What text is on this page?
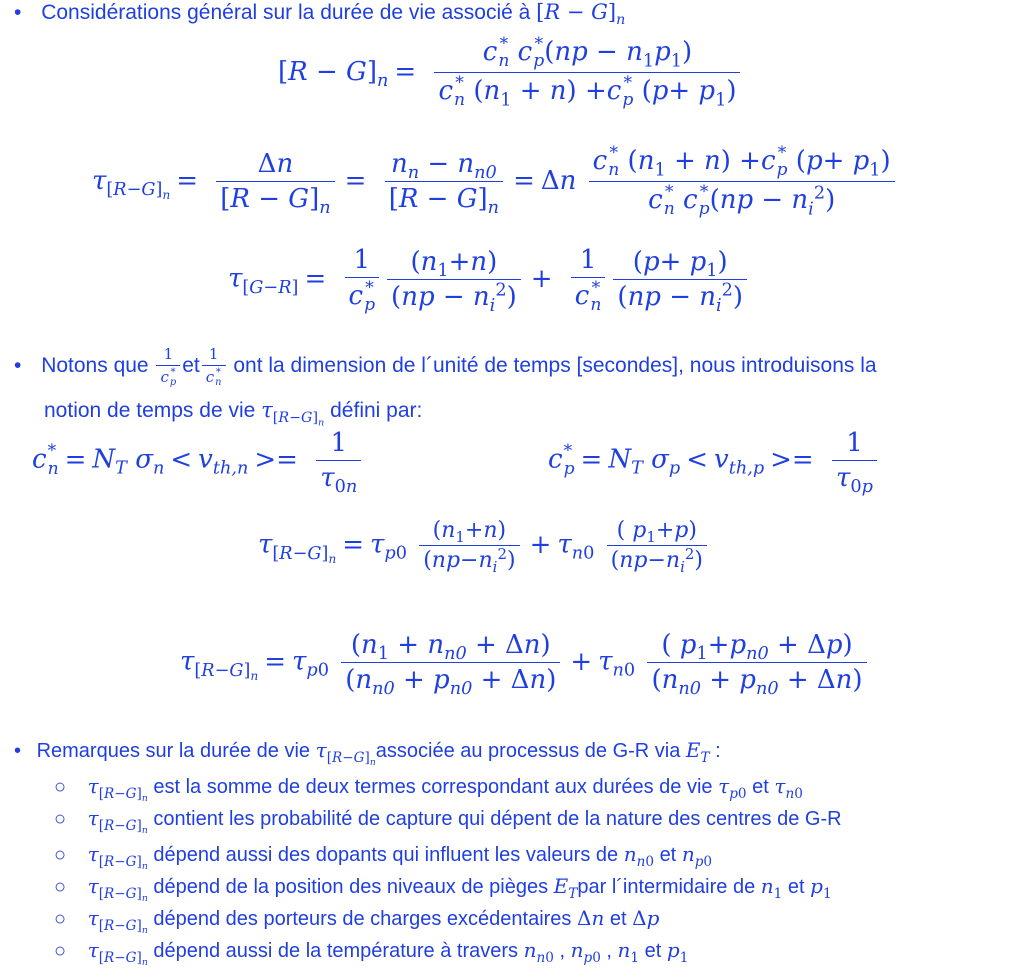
• Considérations général sur la durée de vie associé à $[R - G]_n$
$[R - G]_n = c$ *
n c *
p $(np - n_1p_1)$
c *
n $(n_1 + n) +c$ *
p $(p+ p_1)$
$\tau_{[R-G]_n} = \frac{\Delta n}{[R - G]_n} = \frac{n_n - n_{n0}}{[R - G]_n} = \Delta n$ c *
n $(n_1 + n) +c$ *
p $(p+ p_1)$
c *
n c *
p $(np - n_i^2)$
$\tau_{[G-R]} = 1$
c *
p $\frac{(n_1+n)}{(np - n_i^2)} + 1$
c *
n $\frac{(p+ p_1)}{(np - n_i^2)}$
• Notons que 1
c *
p et 1
c *
n ont la dimension de l´unité de temps [secondes], nous introduisons la
notion de temps de vie $\tau_{[R-G]_n}$ défini par:
c *
$n = N_T$ $\sigma_n < v_{th,n} >= \frac{1}{\tau_{0n}}$	c *
$p = N_T$ $\sigma_p < v_{th,p} >= \frac{1}{\tau_{0p}}$
$\tau_{[R-G]_n} = \tau_{p0} \frac{(n_1+n)}{(np-n_i^2)} + \tau_{n0} \frac{( p_1+p)}{(np-n_i^2)}$
$\tau_{[R-G]_n} = \tau_{p0} \frac{(n_1 + n_{n0} + \Delta n)}{(n_{n0} + p_{n0} + \Delta n)} + \tau_{n0} \frac{( p_1+p_{n0} + \Delta p)}{(n_{n0} + p_{n0} + \Delta n)}$
• Remarques sur la durée de vie $\tau_{[R-G]_n}associée$ au processus de G-R via $E_T$ :
○ $\tau_{[R-G]_n}$ est la somme de deux termes correspondant aux durées de vie $\tau_{p0}$ et $\tau_{n0}$
○ $\tau_{[R-G]_n}$ contient les probabilité de capture qui dépent de la nature des centres de G-R
○ $\tau_{[R-G]_n}$ dépend aussi des dopants qui influent les valeurs de $n_{n0}$ et $n_{p0}$
○ $\tau_{[R-G]_n}$ dépend de la position des niveaux de pièges $E_Tpar$ l´intermidaire de $n_1$ et $p_1$
○ $\tau_{[R-G]_n}$ dépend des porteurs de charges excédentaires Δn et Δp
○ $\tau_{[R-G]_n}$ dépend aussi de la température à travers $n_{n0}$ , $n_{p0}$ , $n_1$ et $p_1$
